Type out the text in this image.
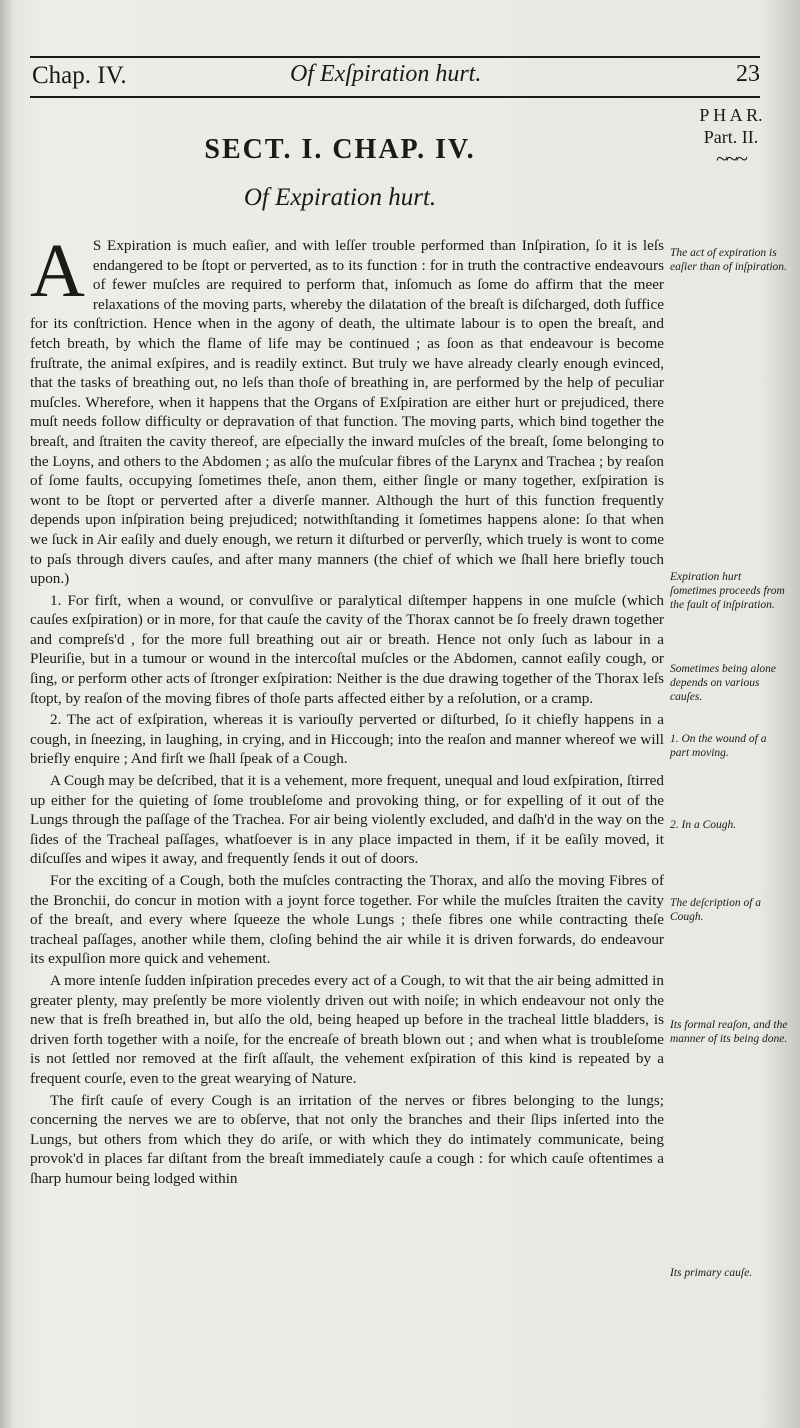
Chap. IV.	Of Exſpiration hurt.	23
P H A R.
Part. II.
~~~
SECT. I. CHAP. IV.
Of Expiration hurt.

A S Expiration is much eaſier, and with leſſer trouble performed than Inſpiration, ſo it is leſs endangered to be ſtopt or perverted, as to its function : for in truth the contractive endeavours of fewer muſcles are required to perform that, inſomuch as ſome do affirm that the meer relaxations of the moving parts, whereby the dilatation of the breaſt is diſcharged, doth ſuffice for its conſtriction. Hence when in the agony of death, the ultimate labour is to open the breaſt, and fetch breath, by which the flame of life may be continued ; as ſoon as that endeavour is become fruſtrate, the animal exſpires, and is readily extinct. But truly we have already clearly enough evinced, that the tasks of breathing out, no leſs than thoſe of breathing in, are performed by the help of peculiar muſcles. Wherefore, when it happens that the Organs of Exſpiration are either hurt or prejudiced, there muſt needs follow difficulty or depravation of that function. The moving parts, which bind together the breaſt, and ſtraiten the cavity thereof, are eſpecially the inward muſcles of the breaſt, ſome belonging to the Loyns, and others to the Abdomen ; as alſo the muſcular fibres of the Larynx and Trachea ; by reaſon of ſome faults, occupying ſometimes theſe, anon them, either ſingle or many together, exſpiration is wont to be ſtopt or perverted after a diverſe manner. Although the hurt of this function frequently depends upon inſpiration being prejudiced; notwithſtanding it ſometimes happens alone: ſo that when we ſuck in Air eaſily and duely enough, we return it diſturbed or perverſly, which truely is wont to come to paſs through divers cauſes, and after many manners (the chief of which we ſhall here briefly touch upon.)

1. For firſt, when a wound, or convulſive or paralytical diſtemper happens in one muſcle (which cauſes exſpiration) or in more, for that cauſe the cavity of the Thorax cannot be ſo freely drawn together and compreſs'd , for the more full breathing out air or breath. Hence not only ſuch as labour in a Pleuriſie, but in a tumour or wound in the intercoſtal muſcles or the Abdomen, cannot eaſily cough, or ſing, or perform other acts of ſtronger exſpiration: Neither is the due drawing together of the Thorax leſs ſtopt, by reaſon of the moving fibres of thoſe parts affected either by a reſolution, or a cramp.

2. The act of exſpiration, whereas it is variouſly perverted or diſturbed, ſo it chiefly happens in a cough, in ſneezing, in laughing, in crying, and in Hiccough; into the reaſon and manner whereof we will briefly enquire ; And firſt we ſhall ſpeak of a Cough.

A Cough may be deſcribed, that it is a vehement, more frequent, unequal and loud exſpiration, ſtirred up either for the quieting of ſome troubleſome and provoking thing, or for expelling of it out of the Lungs through the paſſage of the Trachea. For air being violently excluded, and daſh'd in the way on the ſides of the Tracheal paſſages, whatſoever is in any place impacted in them, if it be eaſily moved, it diſcuſſes and wipes it away, and frequently ſends it out of doors.

For the exciting of a Cough, both the muſcles contracting the Thorax, and alſo the moving Fibres of the Bronchii, do concur in motion with a joynt force together. For while the muſcles ſtraiten the cavity of the breaſt, and every where ſqueeze the whole Lungs ; theſe fibres one while contracting theſe tracheal paſſages, another while them, cloſing behind the air while it is driven forwards, do endeavour its expulſion more quick and vehement.

A more intenſe ſudden inſpiration precedes every act of a Cough, to wit that the air being admitted in greater plenty, may preſently be more violently driven out with noiſe; in which endeavour not only the new that is freſh breathed in, but alſo the old, being heaped up before in the tracheal little bladders, is driven forth together with a noiſe, for the encreaſe of breath blown out ; and when what is troubleſome is not ſettled nor removed at the firſt aſſault, the vehement exſpiration of this kind is repeated by a frequent courſe, even to the great wearying of Nature.

The firſt cauſe of every Cough is an irritation of the nerves or fibres belonging to the lungs; concerning the nerves we are to obſerve, that not only the branches and their ſlips inſerted into the Lungs, but others from which they do ariſe, or with which they do intimately communicate, being provok'd in places far diſtant from the breaſt immediately cauſe a cough : for which cauſe oftentimes a ſharp humour being lodged within

The act of expiration is eaſier than of inſpiration.
Expiration hurt ſometimes proceeds from the fault of inſpiration.
Sometimes being alone depends on various cauſes.
1. On the wound of a part moving.
2. In a Cough.
The deſcription of a Cough.
Its formal reaſon, and the manner of its being done.
Its primary cauſe.
